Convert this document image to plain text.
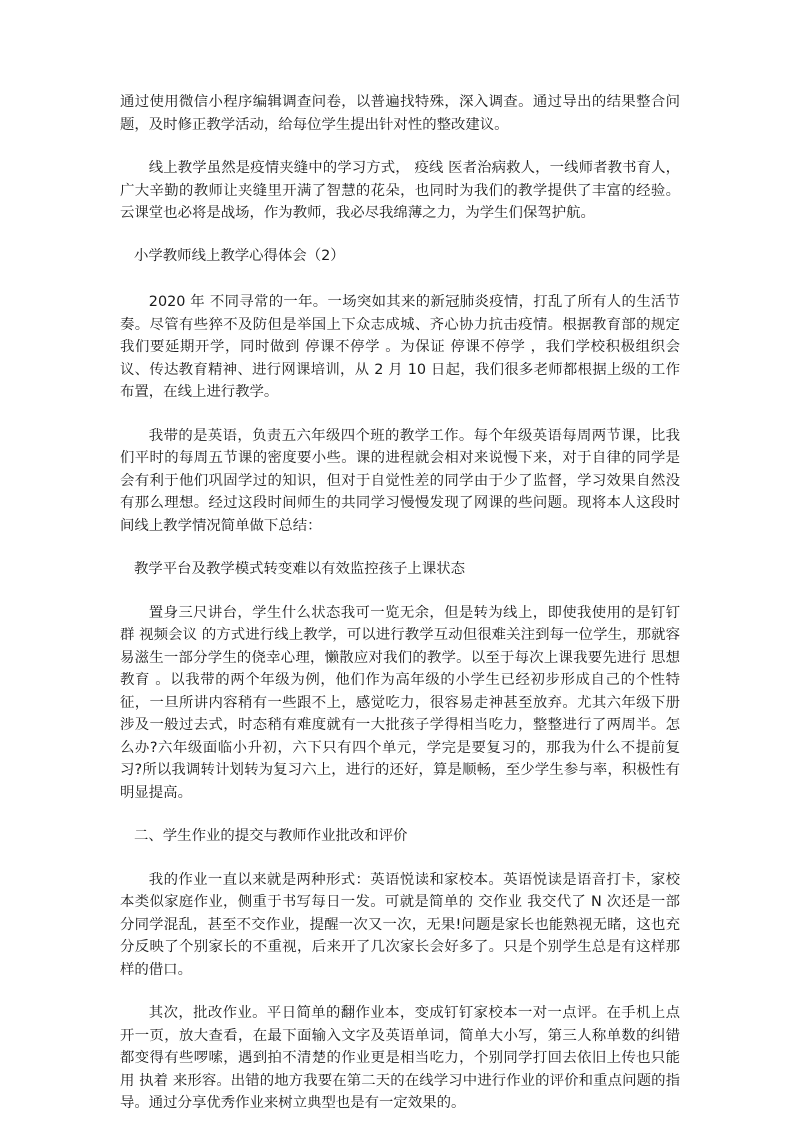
通过使用微信小程序编辑调查问卷，以普遍找特殊，深入调查。通过导出的结果整合问题，及时修正教学活动，给每位学生提出针对性的整改建议。

线上教学虽然是疫情夹缝中的学习方式， 疫线 医者治病救人，一线师者教书育人，广大辛勤的教师让夹缝里开满了智慧的花朵，也同时为我们的教学提供了丰富的经验。云课堂也必将是战场，作为教师，我必尽我绵薄之力，为学生们保驾护航。

小学教师线上教学心得体会（2）

2020 年 不同寻常的一年。一场突如其来的新冠肺炎疫情，打乱了所有人的生活节奏。尽管有些猝不及防但是举国上下众志成城、齐心协力抗击疫情。根据教育部的规定我们要延期开学，同时做到 停课不停学 。为保证 停课不停学 ，我们学校积极组织会议、传达教育精神、进行网课培训，从 2 月 10 日起，我们很多老师都根据上级的工作布置，在线上进行教学。

我带的是英语，负责五六年级四个班的教学工作。每个年级英语每周两节课，比我们平时的每周五节课的密度要小些。课的进程就会相对来说慢下来，对于自律的同学是会有利于他们巩固学过的知识，但对于自觉性差的同学由于少了监督，学习效果自然没有那么理想。经过这段时间师生的共同学习慢慢发现了网课的些问题。现将本人这段时间线上教学情况简单做下总结：

教学平台及教学模式转变难以有效监控孩子上课状态

置身三尺讲台，学生什么状态我可一览无余，但是转为线上，即使我使用的是钉钉群 视频会议 的方式进行线上教学，可以进行教学互动但很难关注到每一位学生，那就容易滋生一部分学生的侥幸心理，懒散应对我们的教学。以至于每次上课我要先进行 思想教育 。以我带的两个年级为例，他们作为高年级的小学生已经初步形成自己的个性特征，一旦所讲内容稍有一些跟不上，感觉吃力，很容易走神甚至放弃。尤其六年级下册涉及一般过去式，时态稍有难度就有一大批孩子学得相当吃力，整整进行了两周半。怎么办?六年级面临小升初，六下只有四个单元，学完是要复习的，那我为什么不提前复习?所以我调转计划转为复习六上，进行的还好，算是顺畅，至少学生参与率，积极性有明显提高。

二、学生作业的提交与教师作业批改和评价

我的作业一直以来就是两种形式：英语悦读和家校本。英语悦读是语音打卡，家校本类似家庭作业，侧重于书写每日一发。可就是简单的 交作业 我交代了 N 次还是一部分同学混乱，甚至不交作业，提醒一次又一次，无果!问题是家长也能熟视无睹，这也充分反映了个别家长的不重视，后来开了几次家长会好多了。只是个别学生总是有这样那样的借口。

其次，批改作业。平日简单的翻作业本，变成钉钉家校本一对一点评。在手机上点开一页，放大查看，在最下面输入文字及英语单词，简单大小写，第三人称单数的纠错都变得有些啰嗦，遇到拍不清楚的作业更是相当吃力，个别同学打回去依旧上传也只能用 执着 来形容。出错的地方我要在第二天的在线学习中进行作业的评价和重点问题的指导。通过分享优秀作业来树立典型也是有一定效果的。
